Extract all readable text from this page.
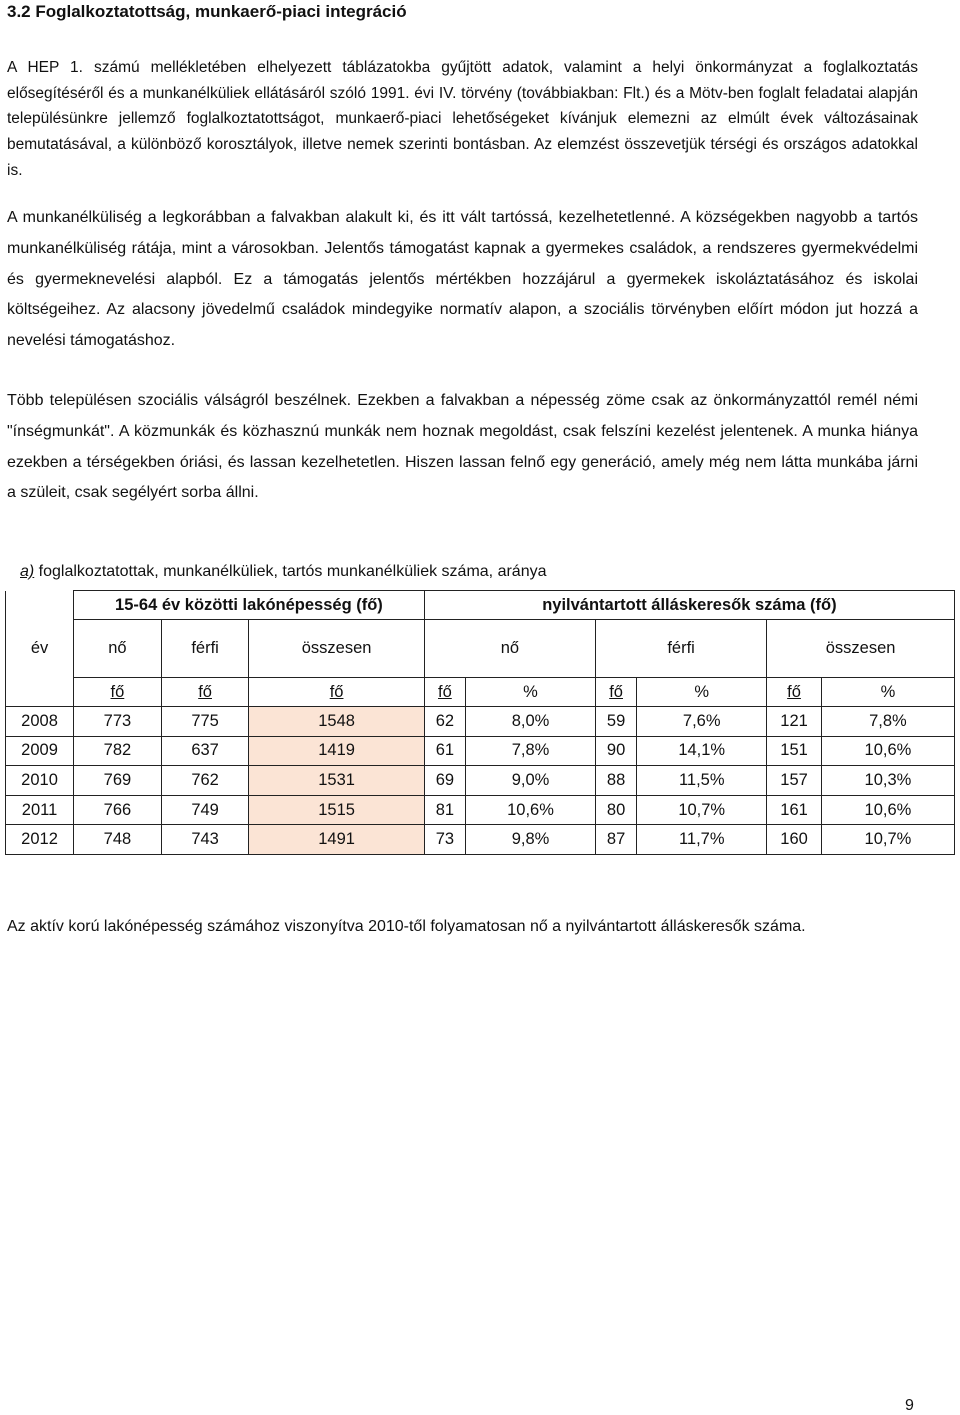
3.2 Foglalkoztatottság, munkaerő-piaci integráció

A HEP 1. számú mellékletében elhelyezett táblázatokba gyűjtött adatok, valamint a helyi önkormányzat a foglalkoztatás elősegítéséről és a munkanélküliek ellátásáról szóló 1991. évi IV. törvény (továbbiakban: Flt.) és a Mötv-ben foglalt feladatai alapján településünkre jellemző foglalkoztatottságot, munkaerő-piaci lehetőségeket kívánjuk elemezni az elmúlt évek változásainak bemutatásával, a különböző korosztályok, illetve nemek szerinti bontásban. Az elemzést összevetjük térségi és országos adatokkal is.

A munkanélküliség a legkorábban a falvakban alakult ki, és itt vált tartóssá, kezelhetetlenné. A községekben nagyobb a tartós munkanélküliség rátája, mint a városokban. Jelentős támogatást kapnak a gyermekes családok, a rendszeres gyermekvédelmi és gyermeknevelési alapból. Ez a támogatás jelentős mértékben hozzájárul a gyermekek iskoláztatásához és iskolai költségeihez. Az alacsony jövedelmű családok mindegyike normatív alapon, a szociális törvényben előírt módon jut hozzá a nevelési támogatáshoz.

Több településen szociális válságról beszélnek. Ezekben a falvakban a népesség zöme csak az önkormányzattól remél némi "ínségmunkát". A közmunkák és közhasznú munkák nem hoznak megoldást, csak felszíni kezelést jelentenek. A munka hiánya ezekben a térségekben óriási, és lassan kezelhetetlen. Hiszen lassan felnő egy generáció, amely még nem látta munkába járni a szüleit, csak segélyért sorba állni.

a) foglalkoztatottak, munkanélküliek, tartós munkanélküliek száma, aránya
	15-64 év közötti lakónépesség (fő)			nyilvántartott álláskeresők száma (fő)					
év	nő	férfi	összesen	nő		férfi		összesen	
	fő	fő	fő	fő	%	fő	%	fő	%
2008	773	775	1548	62	8,0%	59	7,6%	121	7,8%
2009	782	637	1419	61	7,8%	90	14,1%	151	10,6%
2010	769	762	1531	69	9,0%	88	11,5%	157	10,3%
2011	766	749	1515	81	10,6%	80	10,7%	161	10,6%
2012	748	743	1491	73	9,8%	87	11,7%	160	10,7%

Az aktív korú lakónépesség számához viszonyítva 2010-től folyamatosan nő a nyilvántartott álláskeresők száma.

9
